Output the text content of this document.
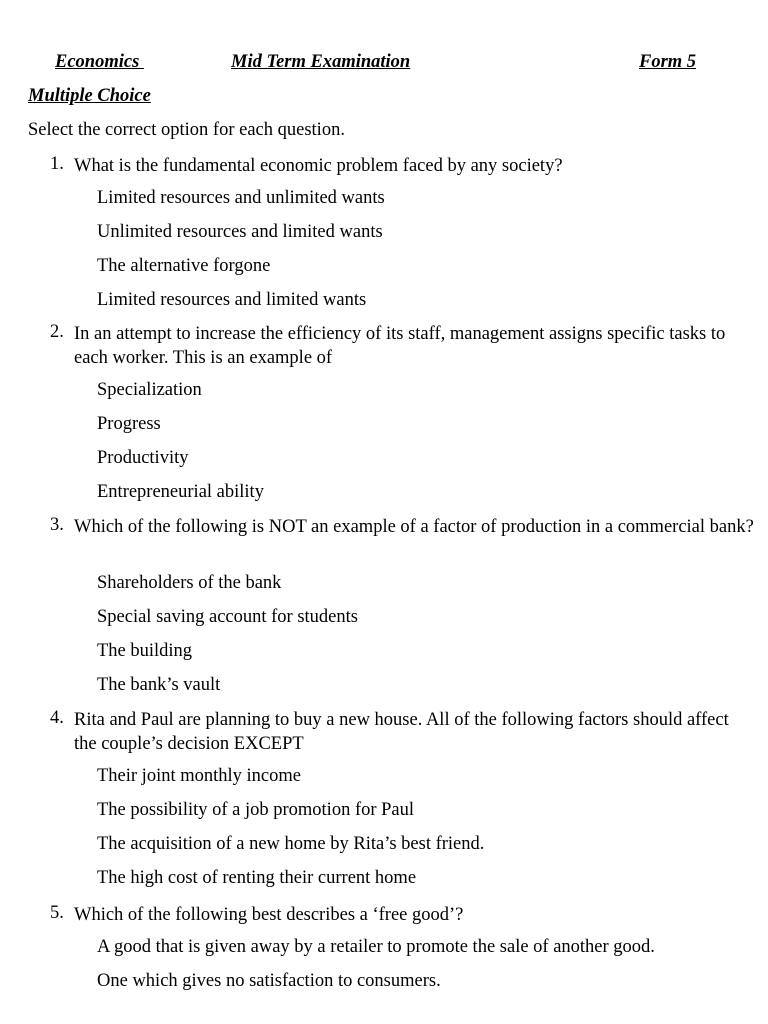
Economics	Mid Term Examination	Form 5
Multiple Choice
Select the correct option for each question.
1. What is the fundamental economic problem faced by any society?
Limited resources and unlimited wants
Unlimited resources and limited wants
The alternative forgone
Limited resources and limited wants
2. In an attempt to increase the efficiency of its staff, management assigns specific tasks to each worker. This is an example of
Specialization
Progress
Productivity
Entrepreneurial ability
3. Which of the following is NOT an example of a factor of production in a commercial bank?
Shareholders of the bank
Special saving account for students
The building
The bank’s vault
4. Rita and Paul are planning to buy a new house. All of the following factors should affect the couple’s decision EXCEPT
Their joint monthly income
The possibility of a job promotion for Paul
The acquisition of a new home by Rita’s best friend.
The high cost of renting their current home
5. Which of the following best describes a ‘free good’?
A good that is given away by a retailer to promote the sale of another good.
One which gives no satisfaction to consumers.
